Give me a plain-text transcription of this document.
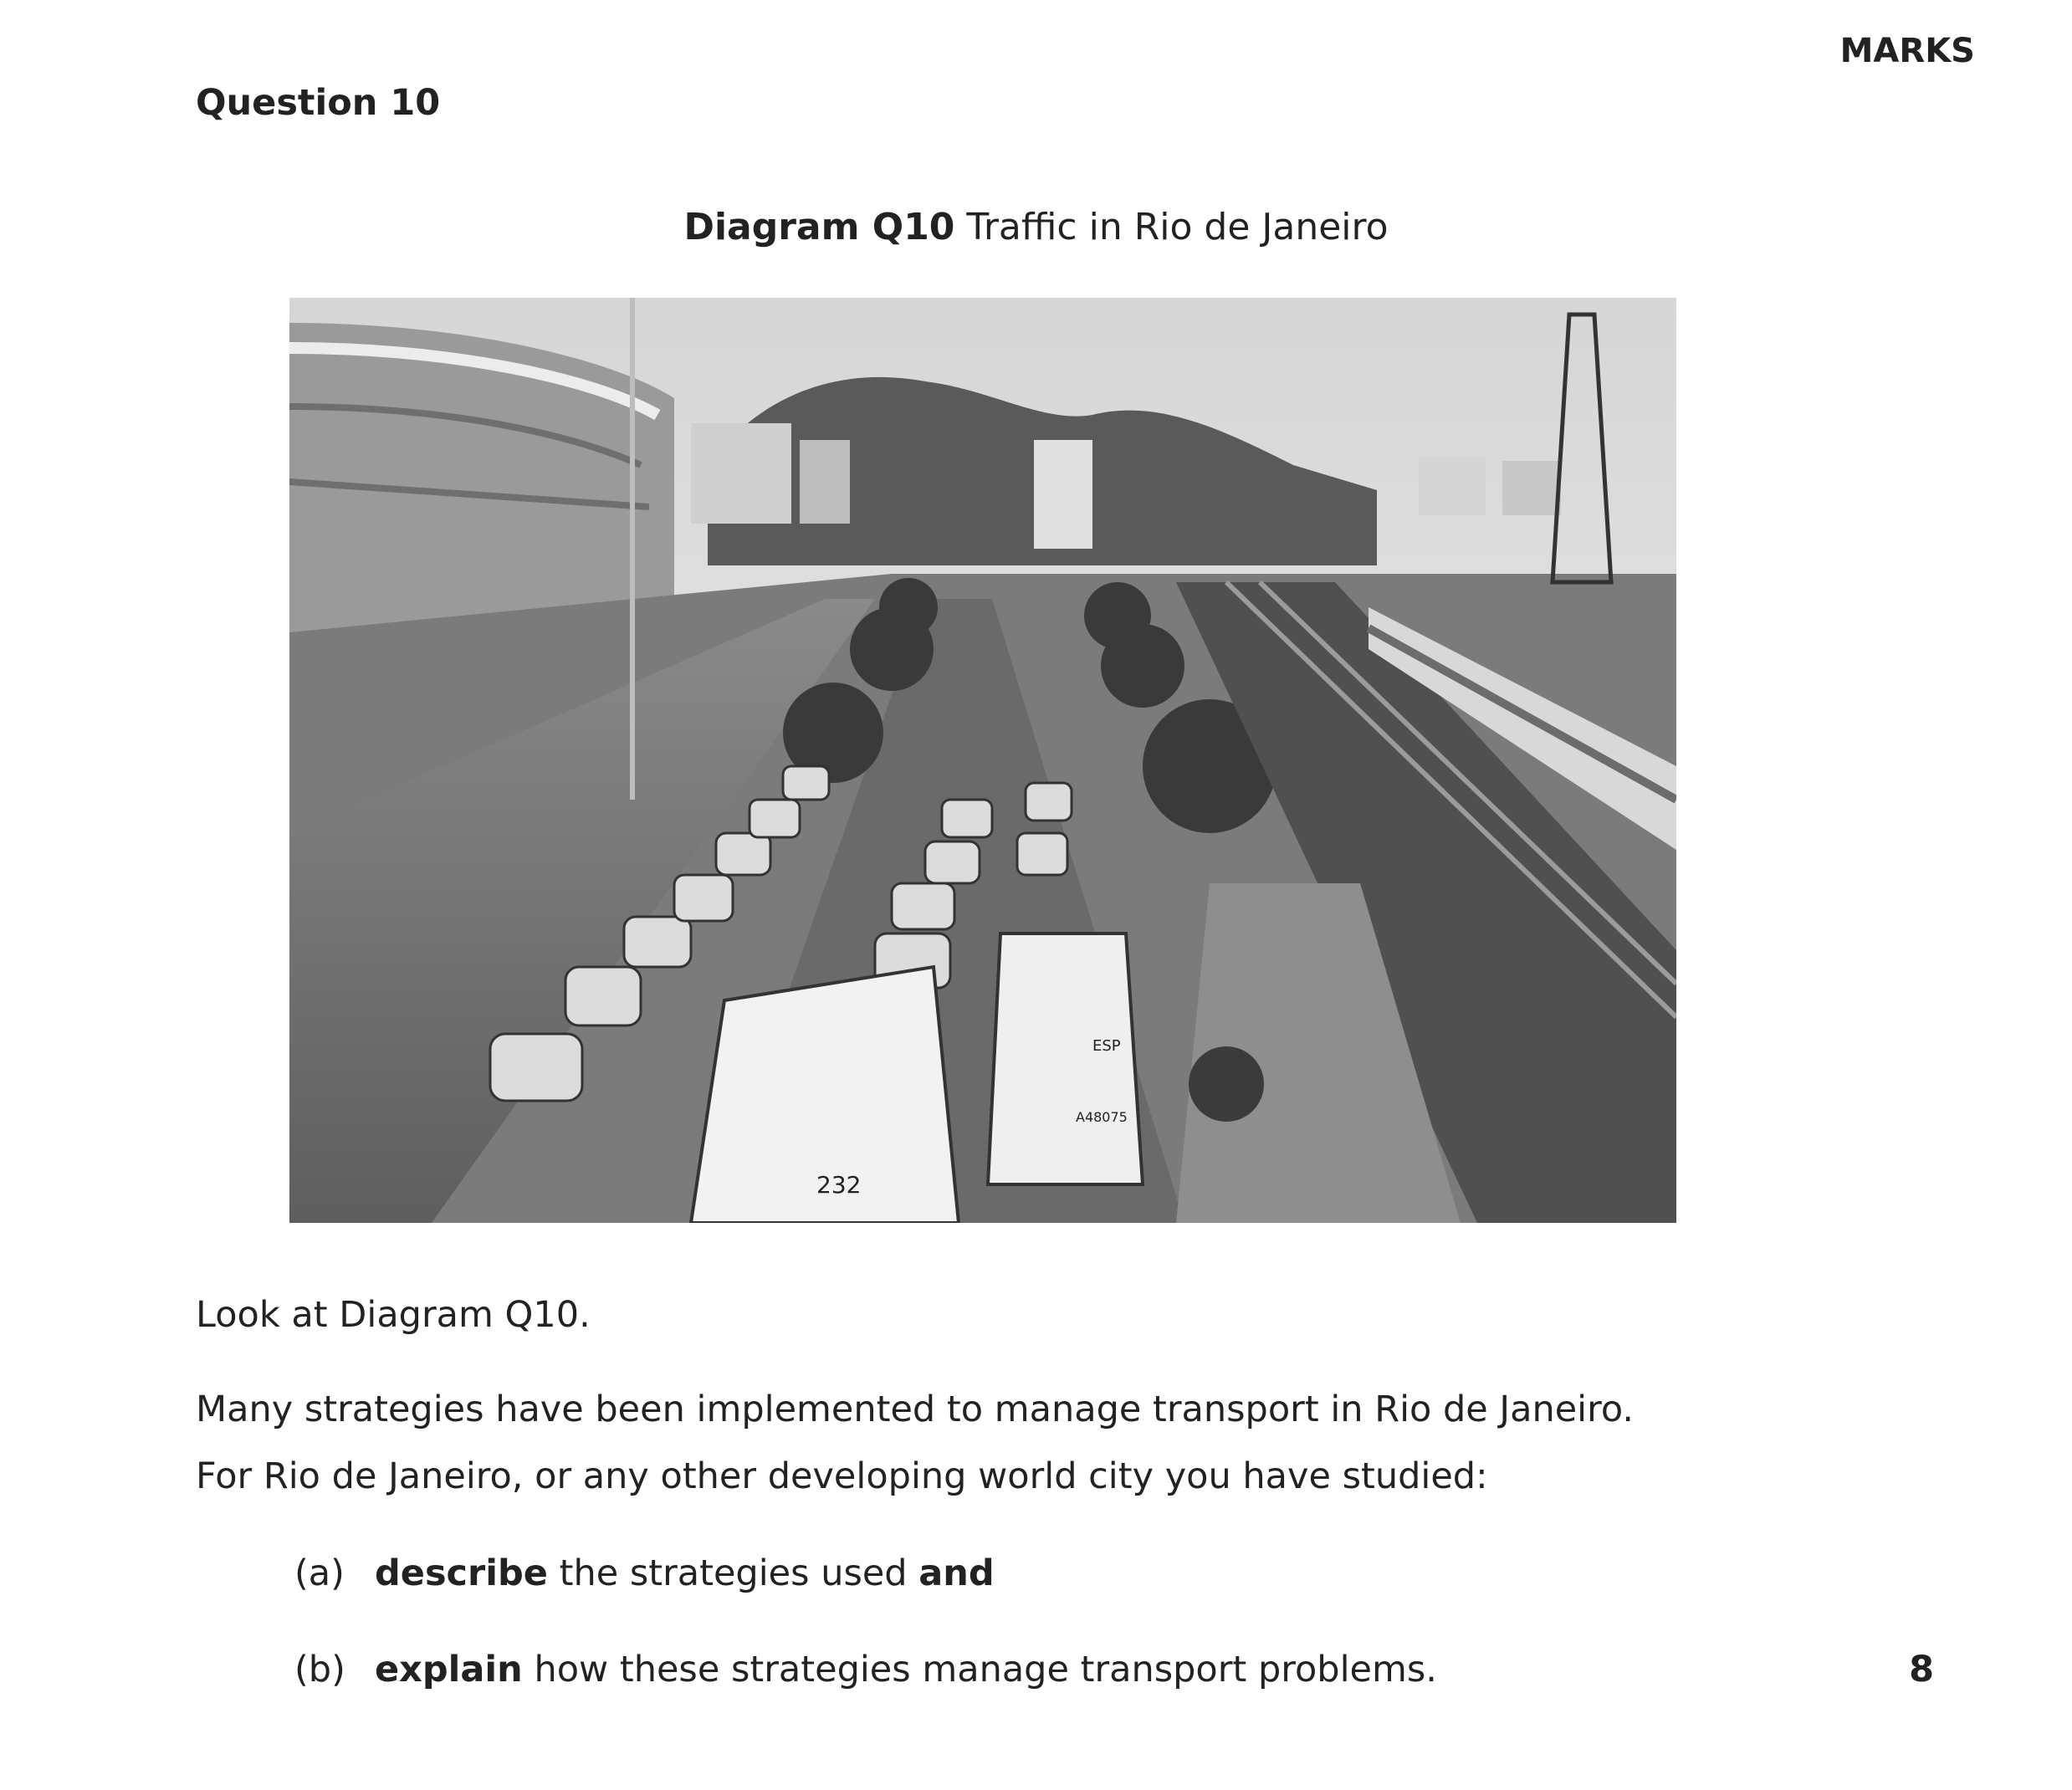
MARKS
Question 10
Diagram Q10 Traffic in Rio de Janeiro
232
ESP
A48075
Look at Diagram Q10.
Many strategies have been implemented to manage transport in Rio de Janeiro.
For Rio de Janeiro, or any other developing world city you have studied:
(a) describe the strategies used and
(b) explain how these strategies manage transport problems.	8
